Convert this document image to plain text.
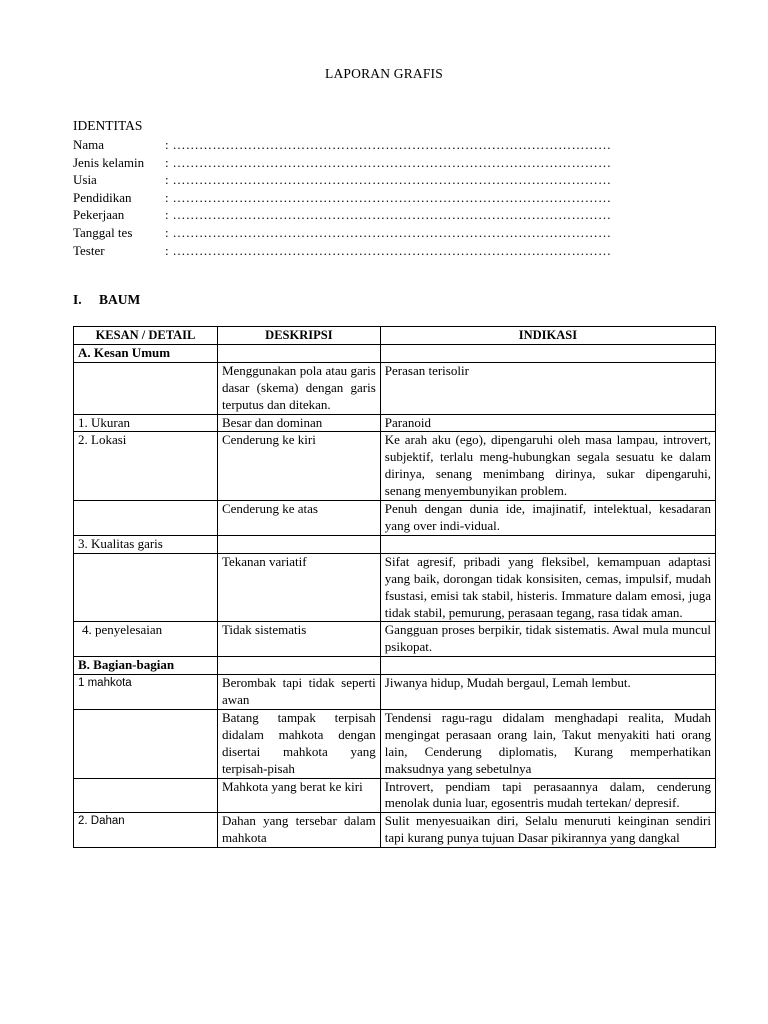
LAPORAN GRAFIS
IDENTITAS
Nama	: ………………………………………………………………………………………
Jenis kelamin	: ………………………………………………………………………………………
Usia	: ………………………………………………………………………………………
Pendidikan	: ………………………………………………………………………………………
Pekerjaan	: ………………………………………………………………………………………
Tanggal tes	: ………………………………………………………………………………………
Tester	: ………………………………………………………………………………………
I. BAUM
KESAN / DETAIL	DESKRIPSI	INDIKASI
A. Kesan Umum		
	Menggunakan pola atau garis dasar (skema) dengan garis terputus dan ditekan.	Perasan terisolir
1. Ukuran	Besar dan dominan	Paranoid
2. Lokasi	Cenderung ke kiri	Ke arah aku (ego), dipengaruhi oleh masa lampau, introvert, subjektif, terlalu meng-hubungkan segala sesuatu ke dalam dirinya, senang menimbang dirinya, sukar dipengaruhi, senang menyembunyikan problem.
	Cenderung ke atas	Penuh dengan dunia ide, imajinatif, intelektual, kesadaran yang over indi-vidual.
3. Kualitas garis		
	Tekanan variatif	Sifat agresif, pribadi yang fleksibel, kemampuan adaptasi yang baik, dorongan tidak konsisiten, cemas, impulsif, mudah fsustasi, emisi tak stabil, histeris. Immature dalam emosi, juga tidak stabil, pemurung, perasaan tegang, rasa tidak aman.
4. penyelesaian	Tidak sistematis	Gangguan proses berpikir, tidak sistematis. Awal mula muncul psikopat.
B. Bagian-bagian		
1 mahkota	Berombak tapi tidak seperti awan	Jiwanya hidup, Mudah bergaul, Lemah lembut.
	Batang tampak terpisah didalam mahkota dengan disertai mahkota yang terpisah-pisah	Tendensi ragu-ragu didalam menghadapi realita, Mudah mengingat perasaan orang lain, Takut menyakiti hati orang lain, Cenderung diplomatis, Kurang memperhatikan maksudnya yang sebetulnya
	Mahkota yang berat ke kiri	Introvert, pendiam tapi perasaannya dalam, cenderung menolak dunia luar, egosentris mudah tertekan/ depresif.
2. Dahan	Dahan yang tersebar dalam mahkota	Sulit menyesuaikan diri, Selalu menuruti keinginan sendiri tapi kurang punya tujuan Dasar pikirannya yang dangkal
